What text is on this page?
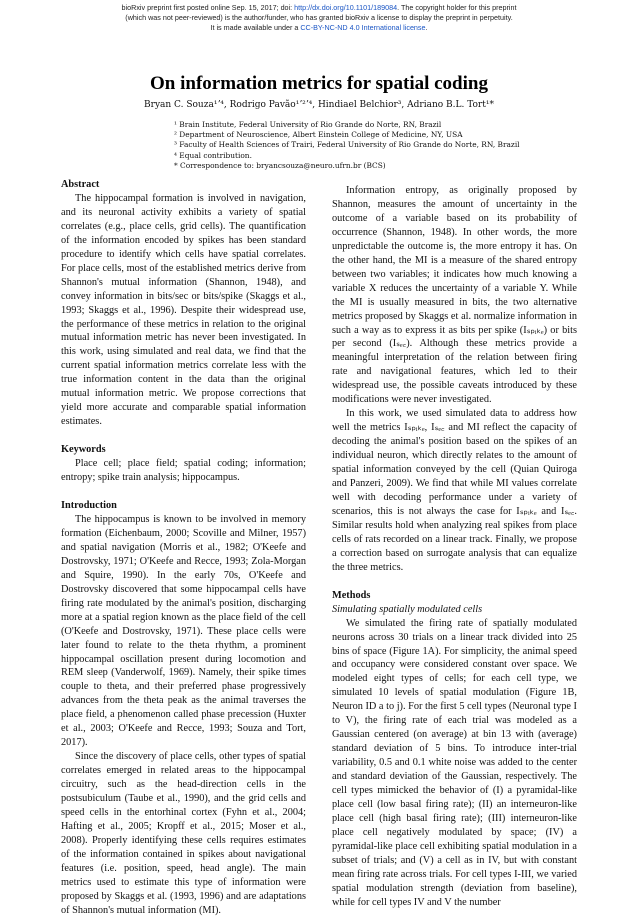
bioRxiv preprint first posted online Sep. 15, 2017; doi: http://dx.doi.org/10.1101/189084. The copyright holder for this preprint
(which was not peer-reviewed) is the author/funder, who has granted bioRxiv a license to display the preprint in perpetuity.
It is made available under a CC-BY-NC-ND 4.0 International license.
On information metrics for spatial coding
Bryan C. Souza¹ʼ⁴, Rodrigo Pavão¹ʼ²ʼ⁴, Hindiael Belchior³, Adriano B.L. Tort¹*
¹ Brain Institute, Federal University of Rio Grande do Norte, RN, Brazil
² Department of Neuroscience, Albert Einstein College of Medicine, NY, USA
³ Faculty of Health Sciences of Trairi, Federal University of Rio Grande do Norte, RN, Brazil
⁴ Equal contribution.
* Correspondence to: bryancsouza@neuro.ufrn.br (BCS)
Abstract

The hippocampal formation is involved in navigation, and its neuronal activity exhibits a variety of spatial correlates (e.g., place cells, grid cells). The quantification of the information encoded by spikes has been standard procedure to identify which cells have spatial correlates. For place cells, most of the established metrics derive from Shannon's mutual information (Shannon, 1948), and convey information in bits/sec or bits/spike (Skaggs et al., 1993; Skaggs et al., 1996). Despite their widespread use, the performance of these metrics in relation to the original mutual information metric has never been investigated. In this work, using simulated and real data, we find that the current spatial information metrics correlate less with the true information content in the data than the original mutual information metric. We propose corrections that yield more accurate and comparable spatial information estimates.

Keywords

Place cell; place field; spatial coding; information; entropy; spike train analysis; hippocampus.

Introduction

The hippocampus is known to be involved in memory formation (Eichenbaum, 2000; Scoville and Milner, 1957) and spatial navigation (Morris et al., 1982; O'Keefe and Dostrovsky, 1971; O'Keefe and Recce, 1993; Zola-Morgan and Squire, 1990). In the early 70s, O'Keefe and Dostrovsky discovered that some hippocampal cells have firing rate modulated by the animal's position, discharging more at a spatial region known as the place field of the cell (O'Keefe and Dostrovsky, 1971). These place cells were later found to relate to the theta rhythm, a prominent hippocampal oscillation present during locomotion and REM sleep (Vanderwolf, 1969). Namely, their spike times couple to theta, and their preferred phase progressively advances from the theta peak as the animal traverses the place field, a phenomenon called phase precession (Huxter et al., 2003; O'Keefe and Recce, 1993; Souza and Tort, 2017).

Since the discovery of place cells, other types of spatial correlates emerged in related areas to the hippocampal circuitry, such as the head-direction cells in the postsubiculum (Taube et al., 1990), and the grid cells and speed cells in the entorhinal cortex (Fyhn et al., 2004; Hafting et al., 2005; Kropff et al., 2015; Moser et al., 2008). Properly identifying these cells requires estimates of the information contained in spikes about navigational features (i.e. position, speed, head angle). The main metrics used to estimate this type of information were proposed by Skaggs et al. (1993, 1996) and are adaptations of Shannon's mutual information (MI).

Information entropy, as originally proposed by Shannon, measures the amount of uncertainty in the outcome of a variable based on its probability of occurrence (Shannon, 1948). In other words, the more unpredictable the outcome is, the more entropy it has. On the other hand, the MI is a measure of the shared entropy between two variables; it indicates how much knowing a variable X reduces the uncertainty of a variable Y. While the MI is usually measured in bits, the two alternative metrics proposed by Skaggs et al. normalize information in such a way as to express it as bits per spike (Iₛₚᵢₖₑ) or bits per second (Iₛₑ꜀). Although these metrics provide a meaningful interpretation of the relation between firing rate and navigational features, which led to their widespread use, the possible caveats introduced by these modifications were never investigated.

In this work, we used simulated data to address how well the metrics Iₛₚᵢₖₑ, Iₛₑ꜀ and MI reflect the capacity of decoding the animal's position based on the spikes of an individual neuron, which directly relates to the amount of spatial information conveyed by the cell (Quian Quiroga and Panzeri, 2009). We find that while MI values correlate well with decoding performance under a variety of scenarios, this is not always the case for Iₛₚᵢₖₑ and Iₛₑ꜀. Similar results hold when analyzing real spikes from place cells of rats recorded on a linear track. Finally, we propose a correction based on surrogate analysis that can equalize the three metrics.

Methods
Simulating spatially modulated cells

We simulated the firing rate of spatially modulated neurons across 30 trials on a linear track divided into 25 bins of space (Figure 1A). For simplicity, the animal speed and occupancy were considered constant over space. We modeled eight types of cells; for each cell type, we simulated 10 levels of spatial modulation (Figure 1B, Neuron ID a to j). For the first 5 cell types (Neuronal type I to V), the firing rate of each trial was modeled as a Gaussian centered (on average) at bin 13 with (average) standard deviation of 5 bins. To introduce inter-trial variability, 0.5 and 0.1 white noise was added to the center and standard deviation of the Gaussian, respectively. The cell types mimicked the behavior of (I) a pyramidal-like place cell (low basal firing rate); (II) an interneuron-like place cell (high basal firing rate); (III) interneuron-like place cell negatively modulated by space; (IV) a pyramidal-like place cell exhibiting spatial modulation in a subset of trials; and (V) a cell as in IV, but with constant mean firing rate across trials. For cell types I-III, we varied spatial modulation strength (deviation from baseline), while for cell types IV and V the number
